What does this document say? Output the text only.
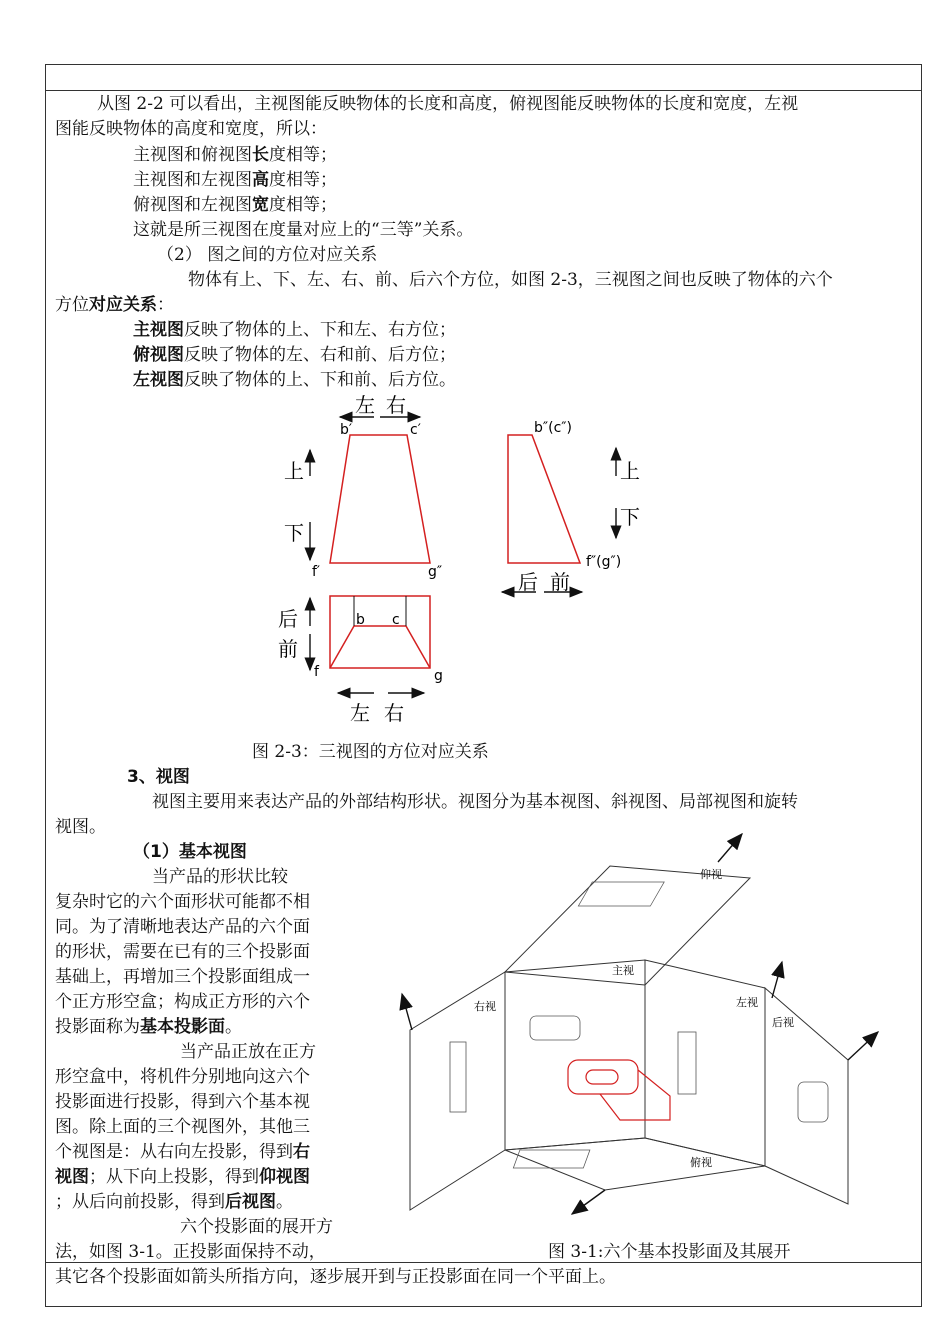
从图 2-2 可以看出，主视图能反映物体的长度和高度，俯视图能反映物体的长度和宽度，左视
图能反映物体的高度和宽度，所以：
主视图和俯视图长度相等；
主视图和左视图高度相等；
俯视图和左视图宽度相等；
这就是所三视图在度量对应上的“三等”关系。
（2） 图之间的方位对应关系
物体有上、下、左、右、前、后六个方位，如图 2-3，三视图之间也反映了物体的六个
方位对应关系：
主视图反映了物体的上、下和左、右方位；
俯视图反映了物体的左、右和前、后方位；
左视图反映了物体的上、下和前、后方位。
左 右
b′	c′
f′	g″
上
下
b″(c″)
f″(g″)
上
下
后 前
b c
f	g
后
前
左 右
图 2-3：三视图的方位对应关系
3、视图
视图主要用来表达产品的外部结构形状。视图分为基本视图、斜视图、局部视图和旋转
视图。
（1）基本视图
当产品的形状比较
复杂时它的六个面形状可能都不相
同。为了清晰地表达产品的六个面
的形状，需要在已有的三个投影面
基础上，再增加三个投影面组成一
个正方形空盒；构成正方形的六个
投影面称为基本投影面。
当产品正放在正方
形空盒中，将机件分别地向这六个
投影面进行投影，得到六个基本视
图。除上面的三个视图外，其他三
个视图是：从右向左投影，得到右
视图；从下向上投影，得到仰视图
；从后向前投影，得到后视图。
六个投影面的展开方
法，如图 3-1。正投影面保持不动，
仰视
主视
右视	左视
后视
俯视
图 3-1:六个基本投影面及其展开
其它各个投影面如箭头所指方向，逐步展开到与正投影面在同一个平面上。
